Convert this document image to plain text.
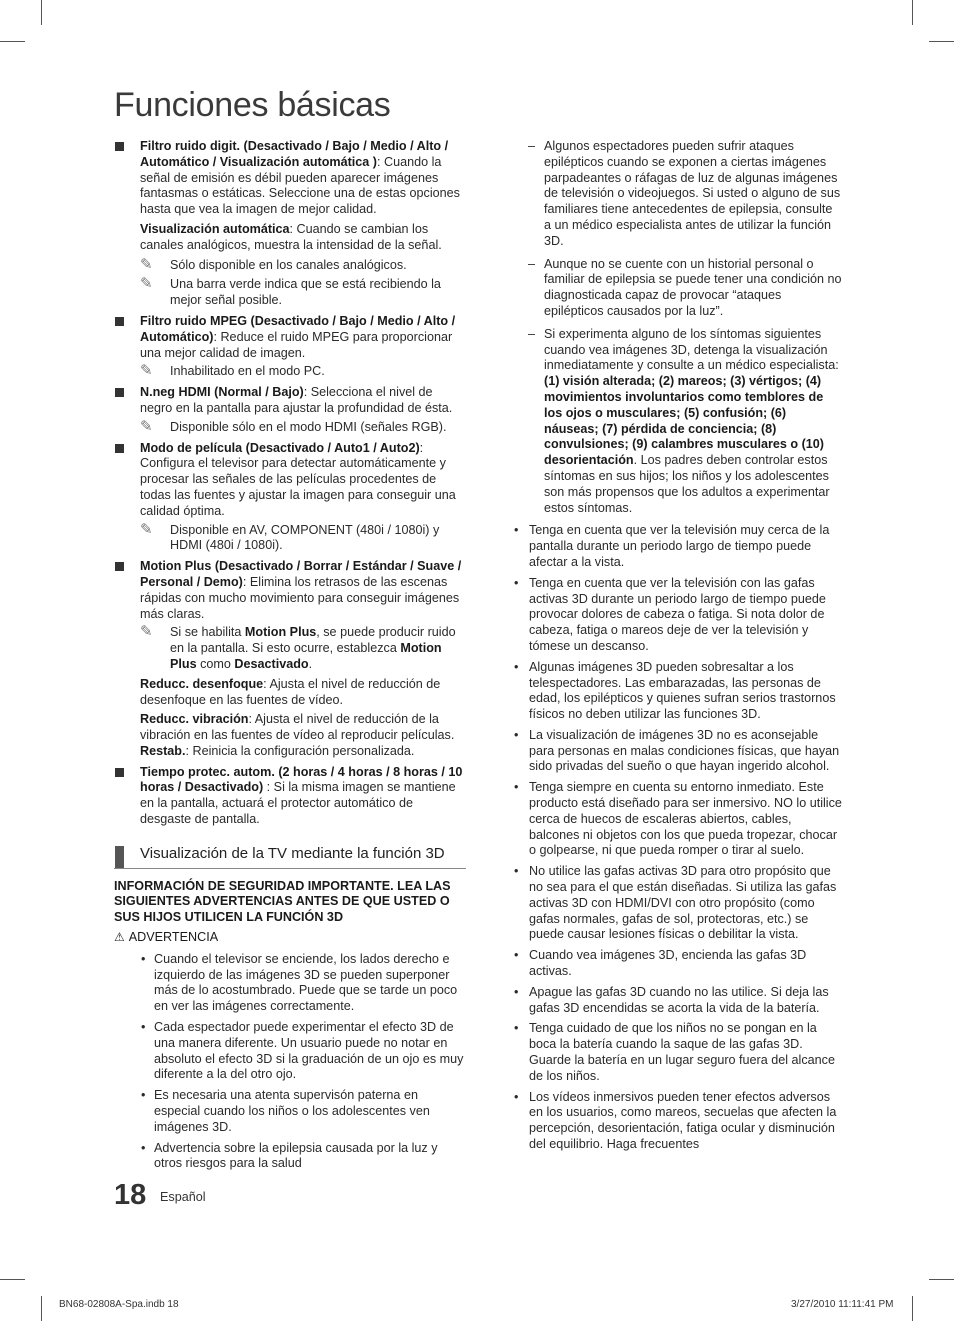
Funciones básicas
Filtro ruido digit. (Desactivado / Bajo / Medio / Alto / Automático / Visualización automática ): Cuando la señal de emisión es débil pueden aparecer imágenes fantasmas o estáticas. Seleccione una de estas opciones hasta que vea la imagen de mejor calidad.
Visualización automática: Cuando se cambian los canales analógicos, muestra la intensidad de la señal.
✎ Sólo disponible en los canales analógicos.
✎ Una barra verde indica que se está recibiendo la mejor señal posible.
Filtro ruido MPEG (Desactivado / Bajo / Medio / Alto / Automático): Reduce el ruido MPEG para proporcionar una mejor calidad de imagen.
✎ Inhabilitado en el modo PC.
N.neg HDMI (Normal / Bajo): Selecciona el nivel de negro en la pantalla para ajustar la profundidad de ésta.
✎ Disponible sólo en el modo HDMI (señales RGB).
Modo de película (Desactivado / Auto1 / Auto2): Configura el televisor para detectar automáticamente y procesar las señales de las películas procedentes de todas las fuentes y ajustar la imagen para conseguir una calidad óptima.
✎ Disponible en AV, COMPONENT (480i / 1080i) y HDMI (480i / 1080i).
Motion Plus (Desactivado / Borrar / Estándar / Suave / Personal / Demo): Elimina los retrasos de las escenas rápidas con mucho movimiento para conseguir imágenes más claras.
✎ Si se habilita Motion Plus, se puede producir ruido en la pantalla. Si esto ocurre, establezca Motion Plus como Desactivado.
Reducc. desenfoque: Ajusta el nivel de reducción de desenfoque en las fuentes de vídeo.
Reducc. vibración: Ajusta el nivel de reducción de la vibración en las fuentes de vídeo al reproducir películas.
Restab.: Reinicia la configuración personalizada.
Tiempo protec. autom. (2 horas / 4 horas / 8 horas / 10 horas / Desactivado) : Si la misma imagen se mantiene en la pantalla, actuará el protector automático de desgaste de pantalla.
Visualización de la TV mediante la función 3D
INFORMACIÓN DE SEGURIDAD IMPORTANTE. LEA LAS SIGUIENTES ADVERTENCIAS ANTES DE QUE USTED O SUS HIJOS UTILICEN LA FUNCIÓN 3D
⚠ ADVERTENCIA
• Cuando el televisor se enciende, los lados derecho e izquierdo de las imágenes 3D se pueden superponer más de lo acostumbrado. Puede que se tarde un poco en ver las imágenes correctamente.
• Cada espectador puede experimentar el efecto 3D de una manera diferente. Un usuario puede no notar en absoluto el efecto 3D si la graduación de un ojo es muy diferente a la del otro ojo.
• Es necesaria una atenta supervisón paterna en especial cuando los niños o los adolescentes ven imágenes 3D.
• Advertencia sobre la epilepsia causada por la luz y otros riesgos para la salud
– Algunos espectadores pueden sufrir ataques epilépticos cuando se exponen a ciertas imágenes parpadeantes o ráfagas de luz de algunas imágenes de televisión o videojuegos. Si usted o alguno de sus familiares tiene antecedentes de epilepsia, consulte a un médico especialista antes de utilizar la función 3D.
– Aunque no se cuente con un historial personal o familiar de epilepsia se puede tener una condición no diagnosticada capaz de provocar “ataques epilépticos causados por la luz”.
– Si experimenta alguno de los síntomas siguientes cuando vea imágenes 3D, detenga la visualización inmediatamente y consulte a un médico especialista: (1) visión alterada; (2) mareos; (3) vértigos; (4) movimientos involuntarios como temblores de los ojos o musculares; (5) confusión; (6) náuseas; (7) pérdida de conciencia; (8) convulsiones; (9) calambres musculares o (10) desorientación. Los padres deben controlar estos síntomas en sus hijos; los niños y los adolescentes son más propensos que los adultos a experimentar estos síntomas.
• Tenga en cuenta que ver la televisión muy cerca de la pantalla durante un periodo largo de tiempo puede afectar a la vista.
• Tenga en cuenta que ver la televisión con las gafas activas 3D durante un periodo largo de tiempo puede provocar dolores de cabeza o fatiga. Si nota dolor de cabeza, fatiga o mareos deje de ver la televisión y tómese un descanso.
• Algunas imágenes 3D pueden sobresaltar a los telespectadores. Las embarazadas, las personas de edad, los epilépticos y quienes sufran serios trastornos físicos no deben utilizar las funciones 3D.
• La visualización de imágenes 3D no es aconsejable para personas en malas condiciones físicas, que hayan sido privadas del sueño o que hayan ingerido alcohol.
• Tenga siempre en cuenta su entorno inmediato. Este producto está diseñado para ser inmersivo. NO lo utilice cerca de huecos de escaleras abiertos, cables, balcones ni objetos con los que pueda tropezar, chocar o golpearse, ni que pueda romper o tirar al suelo.
• No utilice las gafas activas 3D para otro propósito que no sea para el que están diseñadas. Si utiliza las gafas activas 3D con HDMI/DVI con otro propósito (como gafas normales, gafas de sol, protectoras, etc.) se puede causar lesiones físicas o debilitar la vista.
• Cuando vea imágenes 3D, encienda las gafas 3D activas.
• Apague las gafas 3D cuando no las utilice. Si deja las gafas 3D encendidas se acorta la vida de la batería.
• Tenga cuidado de que los niños no se pongan en la boca la batería cuando la saque de las gafas 3D. Guarde la batería en un lugar seguro fuera del alcance de los niños.
• Los vídeos inmersivos pueden tener efectos adversos en los usuarios, como mareos, secuelas que afecten la percepción, desorientación, fatiga ocular y disminución del equilibrio. Haga frecuentes
18 Español
BN68-02808A-Spa.indb 18	3/27/2010 11:11:41 PM
